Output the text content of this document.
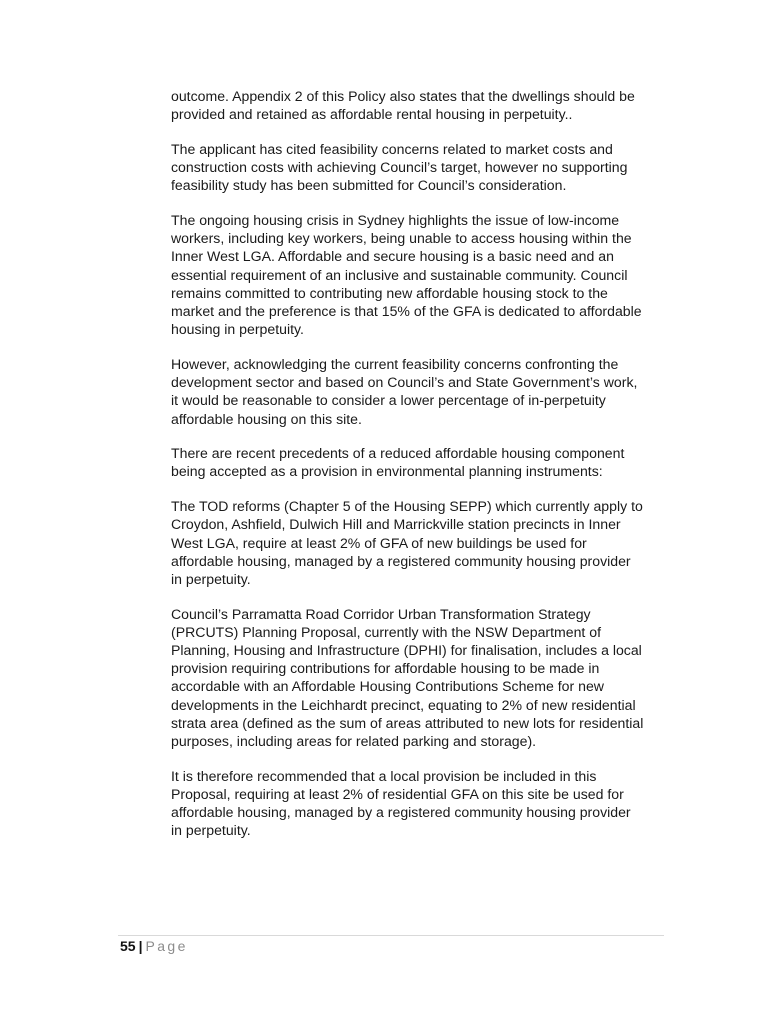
outcome. Appendix 2 of this Policy also states that the dwellings should be
provided and retained as affordable rental housing in perpetuity..

The applicant has cited feasibility concerns related to market costs and
construction costs with achieving Council’s target, however no supporting
feasibility study has been submitted for Council’s consideration.

The ongoing housing crisis in Sydney highlights the issue of low-income
workers, including key workers, being unable to access housing within the
Inner West LGA. Affordable and secure housing is a basic need and an
essential requirement of an inclusive and sustainable community. Council
remains committed to contributing new affordable housing stock to the
market and the preference is that 15% of the GFA is dedicated to affordable
housing in perpetuity.

However, acknowledging the current feasibility concerns confronting the
development sector and based on Council’s and State Government’s work,
it would be reasonable to consider a lower percentage of in-perpetuity
affordable housing on this site.

There are recent precedents of a reduced affordable housing component
being accepted as a provision in environmental planning instruments:

The TOD reforms (Chapter 5 of the Housing SEPP) which currently apply to
Croydon, Ashfield, Dulwich Hill and Marrickville station precincts in Inner
West LGA, require at least 2% of GFA of new buildings be used for
affordable housing, managed by a registered community housing provider
in perpetuity.

Council’s Parramatta Road Corridor Urban Transformation Strategy
(PRCUTS) Planning Proposal, currently with the NSW Department of
Planning, Housing and Infrastructure (DPHI) for finalisation, includes a local
provision requiring contributions for affordable housing to be made in
accordable with an Affordable Housing Contributions Scheme for new
developments in the Leichhardt precinct, equating to 2% of new residential
strata area (defined as the sum of areas attributed to new lots for residential
purposes, including areas for related parking and storage).

It is therefore recommended that a local provision be included in this
Proposal, requiring at least 2% of residential GFA on this site be used for
affordable housing, managed by a registered community housing provider
in perpetuity.

55 | Page
